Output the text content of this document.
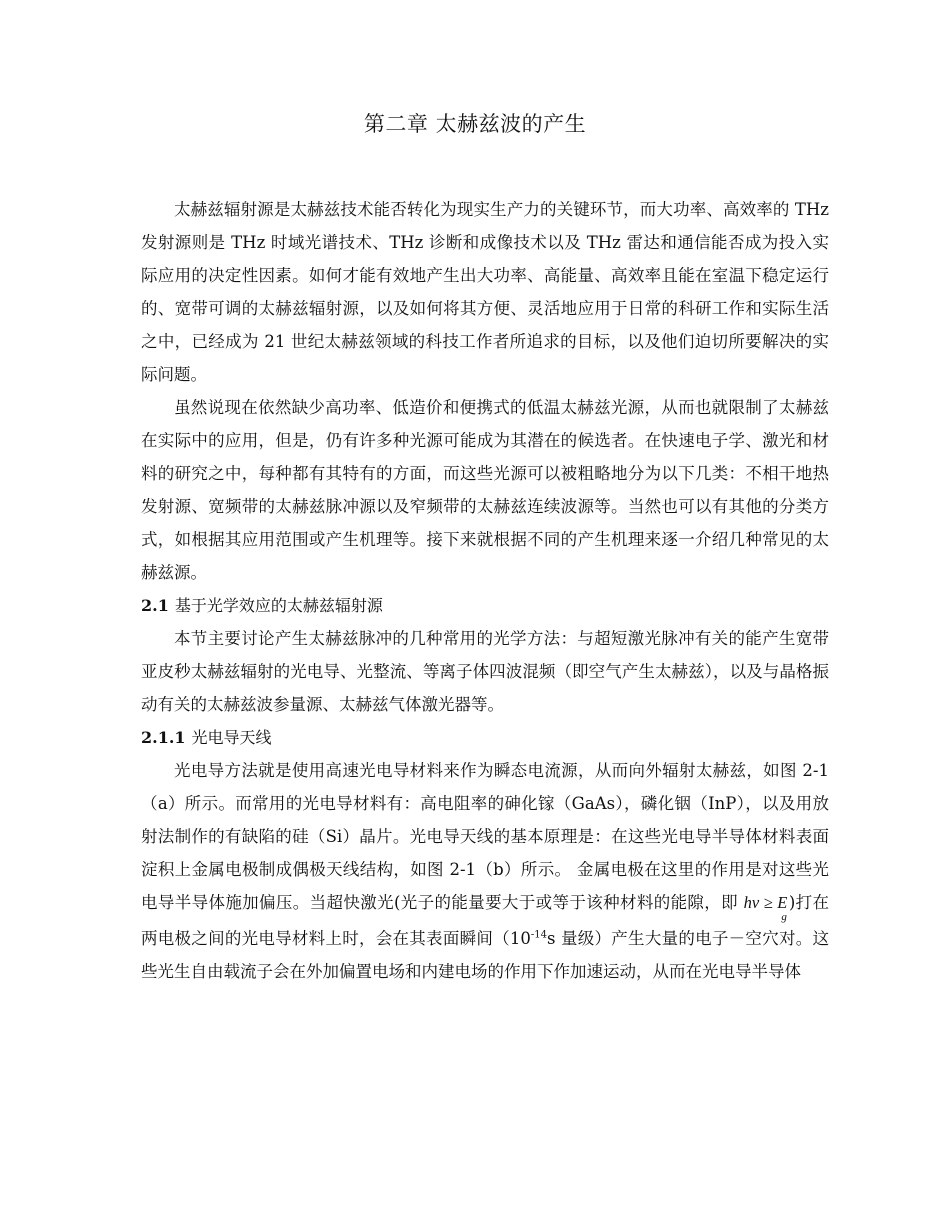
第二章 太赫兹波的产生

太赫兹辐射源是太赫兹技术能否转化为现实生产力的关键环节，而大功率、高效率的 THz 发射源则是 THz 时域光谱技术、THz 诊断和成像技术以及 THz 雷达和通信能否成为投入实际应用的决定性因素。如何才能有效地产生出大功率、高能量、高效率且能在室温下稳定运行的、宽带可调的太赫兹辐射源，以及如何将其方便、灵活地应用于日常的科研工作和实际生活之中，已经成为 21 世纪太赫兹领域的科技工作者所追求的目标，以及他们迫切所要解决的实际问题。

虽然说现在依然缺少高功率、低造价和便携式的低温太赫兹光源，从而也就限制了太赫兹在实际中的应用，但是，仍有许多种光源可能成为其潜在的候选者。在快速电子学、激光和材料的研究之中，每种都有其特有的方面，而这些光源可以被粗略地分为以下几类：不相干地热发射源、宽频带的太赫兹脉冲源以及窄频带的太赫兹连续波源等。当然也可以有其他的分类方式，如根据其应用范围或产生机理等。接下来就根据不同的产生机理来逐一介绍几种常见的太赫兹源。

2.1 基于光学效应的太赫兹辐射源

本节主要讨论产生太赫兹脉冲的几种常用的光学方法：与超短激光脉冲有关的能产生宽带亚皮秒太赫兹辐射的光电导、光整流、等离子体四波混频（即空气产生太赫兹），以及与晶格振动有关的太赫兹波参量源、太赫兹气体激光器等。

2.1.1 光电导天线

光电导方法就是使用高速光电导材料来作为瞬态电流源，从而向外辐射太赫兹，如图 2-1（a）所示。而常用的光电导材料有：高电阻率的砷化镓（GaAs），磷化铟（InP），以及用放射法制作的有缺陷的硅（Si）晶片。光电导天线的基本原理是：在这些光电导半导体材料表面淀积上金属电极制成偶极天线结构，如图 2-1（b）所示。 金属电极在这里的作用是对这些光电导半导体施加偏压。当超快激光(光子的能量要大于或等于该种材料的能隙，即 $h\nu \ge E_g$)打在两电极之间的光电导材料上时，会在其表面瞬间（$10^{-14}s$ 量级）产生大量的电子－空穴对。这些光生自由载流子会在外加偏置电场和内建电场的作用下作加速运动，从而在光电导半导体
